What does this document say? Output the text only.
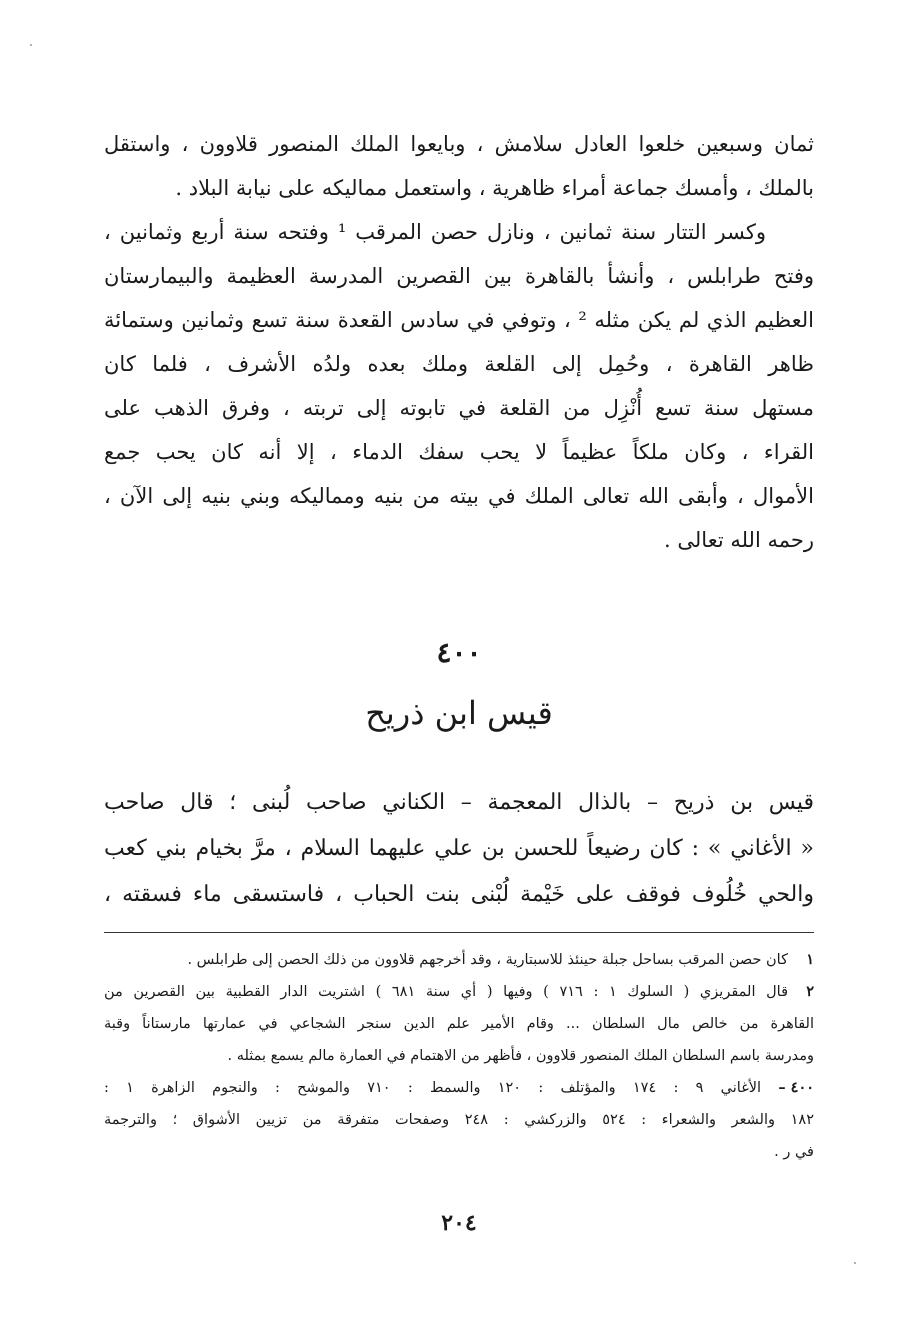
ثمان وسبعين خلعوا العادل سلامش ، وبايعوا الملك المنصور قلاوون ، واستقل
بالملك ، وأمسك جماعة أمراء ظاهرية ، واستعمل مماليكه على نيابة البلاد .
وكسر التتار سنة ثمانين ، ونازل حصن المرقب ¹ وفتحه سنة أربع وثمانين ،
وفتح طرابلس ، وأنشأ بالقاهرة بين القصرين المدرسة العظيمة والبيمارستان
العظيم الذي لم يكن مثله ² ، وتوفي في سادس القعدة سنة تسع وثمانين وستمائة
ظاهر القاهرة ، وحُمِل إلى القلعة وملك بعده ولدُه الأشرف ، فلما كان
مستهل سنة تسع أُنْزِل من القلعة في تابوته إلى تربته ، وفرق الذهب على
القراء ، وكان ملكاً عظيماً لا يحب سفك الدماء ، إلا أنه كان يحب جمع
الأموال ، وأبقى الله تعالى الملك في بيته من بنيه ومماليكه وبني بنيه إلى الآن ،
رحمه الله تعالى .
٤٠٠
قيس ابن ذريح
قيس بن ذريح – بالذال المعجمة – الكناني صاحب لُبنى ؛ قال صاحب
« الأغاني » : كان رضيعاً للحسن بن علي عليهما السلام ، مرَّ بخيام بني كعب
والحي خُلُوف فوقف على خَيْمة لُبْنى بنت الحباب ، فاستسقى ماء فسقته ،
١كان حصن المرقب بساحل جبلة حينئذ للاسبتارية ، وقد أخرجهم قلاوون من ذلك الحصن إلى طرابلس .
٢قال المقريزي ( السلوك ١ : ٧١٦ ) وفيها ( أي سنة ٦٨١ ) اشتريت الدار القطبية بين القصرين من
القاهرة من خالص مال السلطان ... وقام الأمير علم الدين سنجر الشجاعي في عمارتها مارستاناً وقبة
ومدرسة باسم السلطان الملك المنصور قلاوون ، فأظهر من الاهتمام في العمارة مالم يسمع بمثله .
٤٠٠ – الأغاني ٩ : ١٧٤ والمؤتلف : ١٢٠ والسمط : ٧١٠ والموشح : والنجوم الزاهرة ١ :
١٨٢ والشعر والشعراء : ٥٢٤ والزركشي : ٢٤٨ وصفحات متفرقة من تزيين الأشواق ؛ والترجمة
في ر .
٢٠٤
